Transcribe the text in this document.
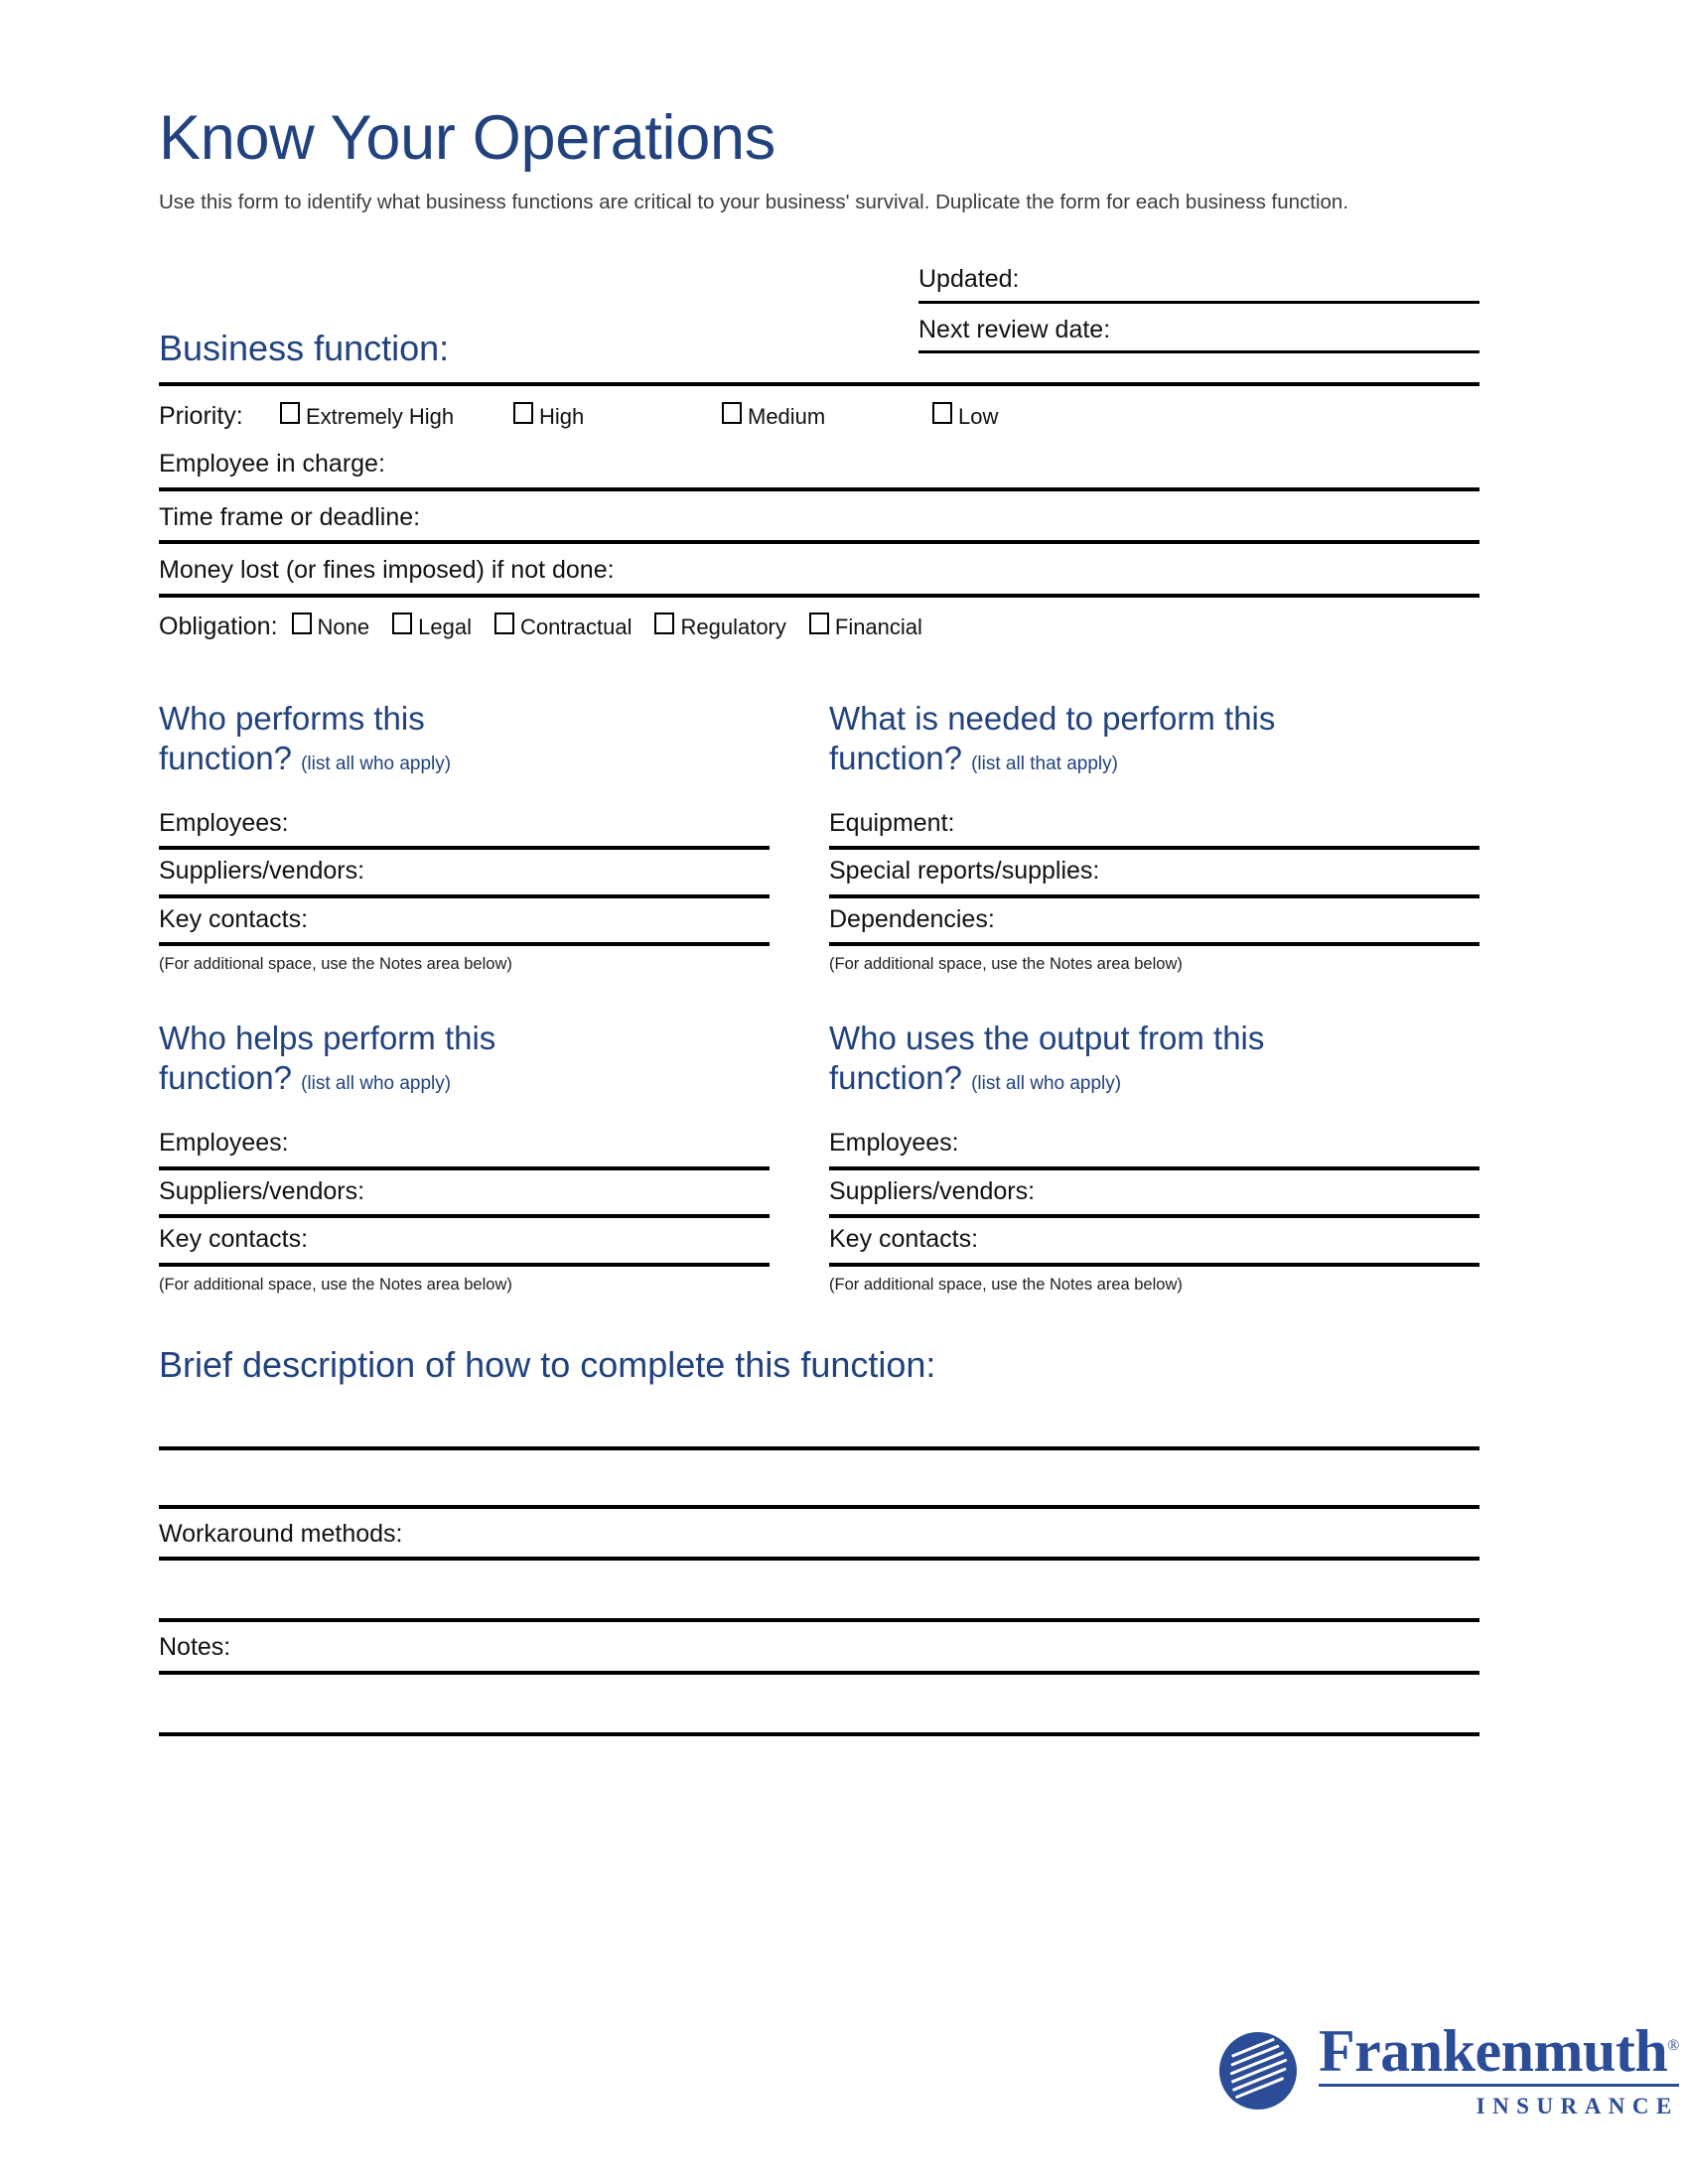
Know Your Operations
Use this form to identify what business functions are critical to your business' survival. Duplicate the form for each business function.
Business function:
Priority:	Extremely High	High	Medium	Low
Employee in charge:
Time frame or deadline:
Money lost (or fines imposed) if not done:
Obligation: None Legal Contractual Regulatory Financial
Who performs this
function? (list all who apply)
Employees:
Suppliers/vendors:
Key contacts:
(For additional space, use the Notes area below)
What is needed to perform this
function? (list all that apply)
Equipment:
Special reports/supplies:
Dependencies:
(For additional space, use the Notes area below)
Who helps perform this
function? (list all who apply)
Employees:
Suppliers/vendors:
Key contacts:
(For additional space, use the Notes area below)
Who uses the output from this
function? (list all who apply)
Employees:
Suppliers/vendors:
Key contacts:
(For additional space, use the Notes area below)
Brief description of how to complete this function:
Workaround methods:
Notes:
Updated:
Next review date:
Frankenmuth®
INSURANCE
